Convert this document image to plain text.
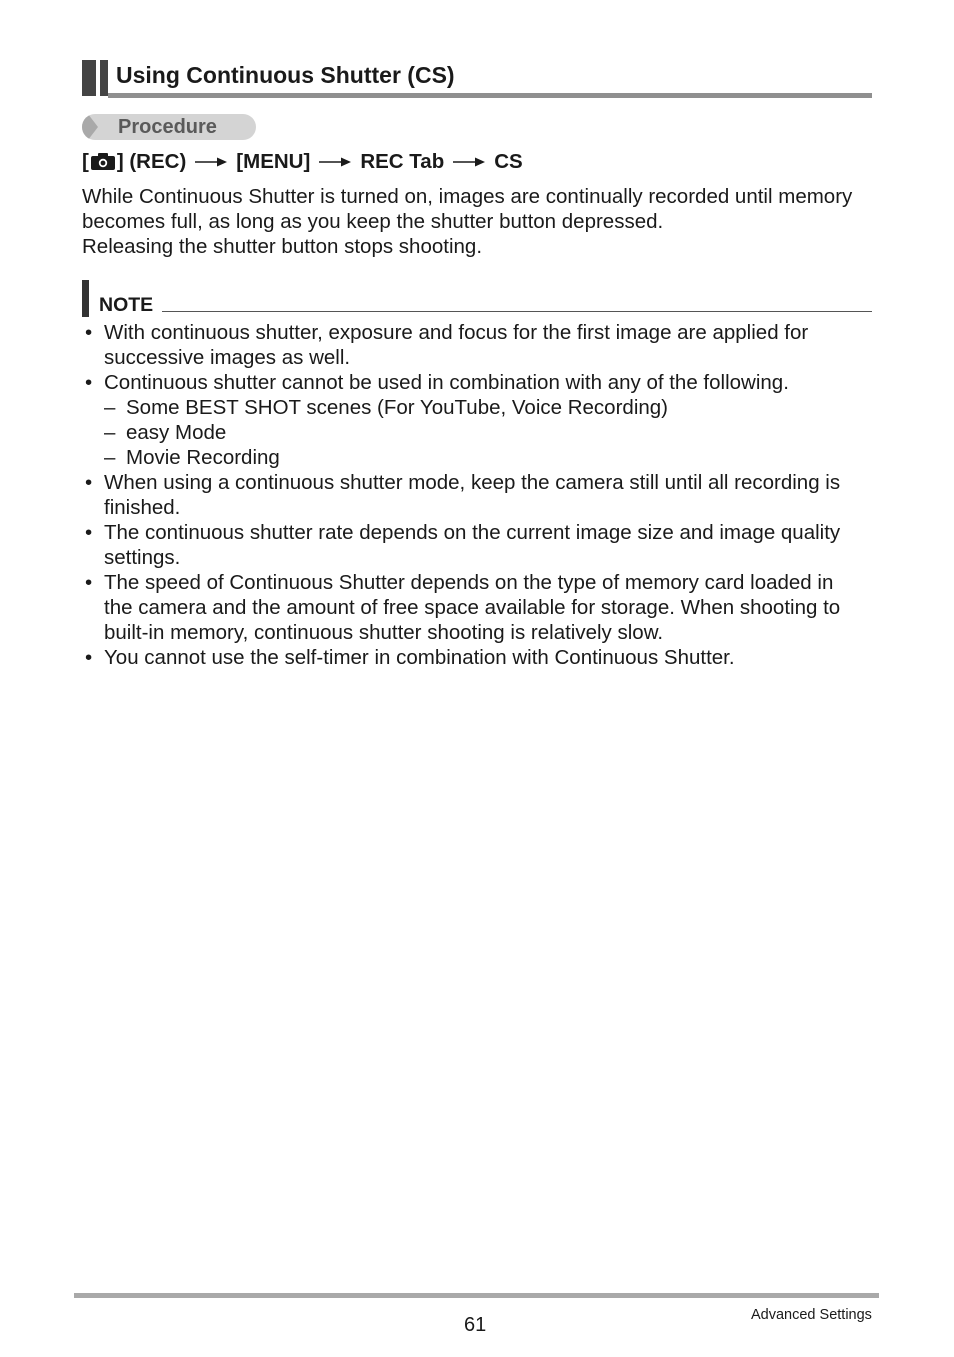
Using Continuous Shutter (CS)
Procedure
[ ] (REC) [MENU] REC Tab CS
While Continuous Shutter is turned on, images are continually recorded until memory
becomes full, as long as you keep the shutter button depressed.
Releasing the shutter button stops shooting.
NOTE
• With continuous shutter, exposure and focus for the first image are applied for
successive images as well.
• Continuous shutter cannot be used in combination with any of the following.
– Some BEST SHOT scenes (For YouTube, Voice Recording)
– easy Mode
– Movie Recording
• When using a continuous shutter mode, keep the camera still until all recording is
finished.
• The continuous shutter rate depends on the current image size and image quality
settings.
• The speed of Continuous Shutter depends on the type of memory card loaded in
the camera and the amount of free space available for storage. When shooting to
built-in memory, continuous shutter shooting is relatively slow.
• You cannot use the self-timer in combination with Continuous Shutter.
61	Advanced Settings
